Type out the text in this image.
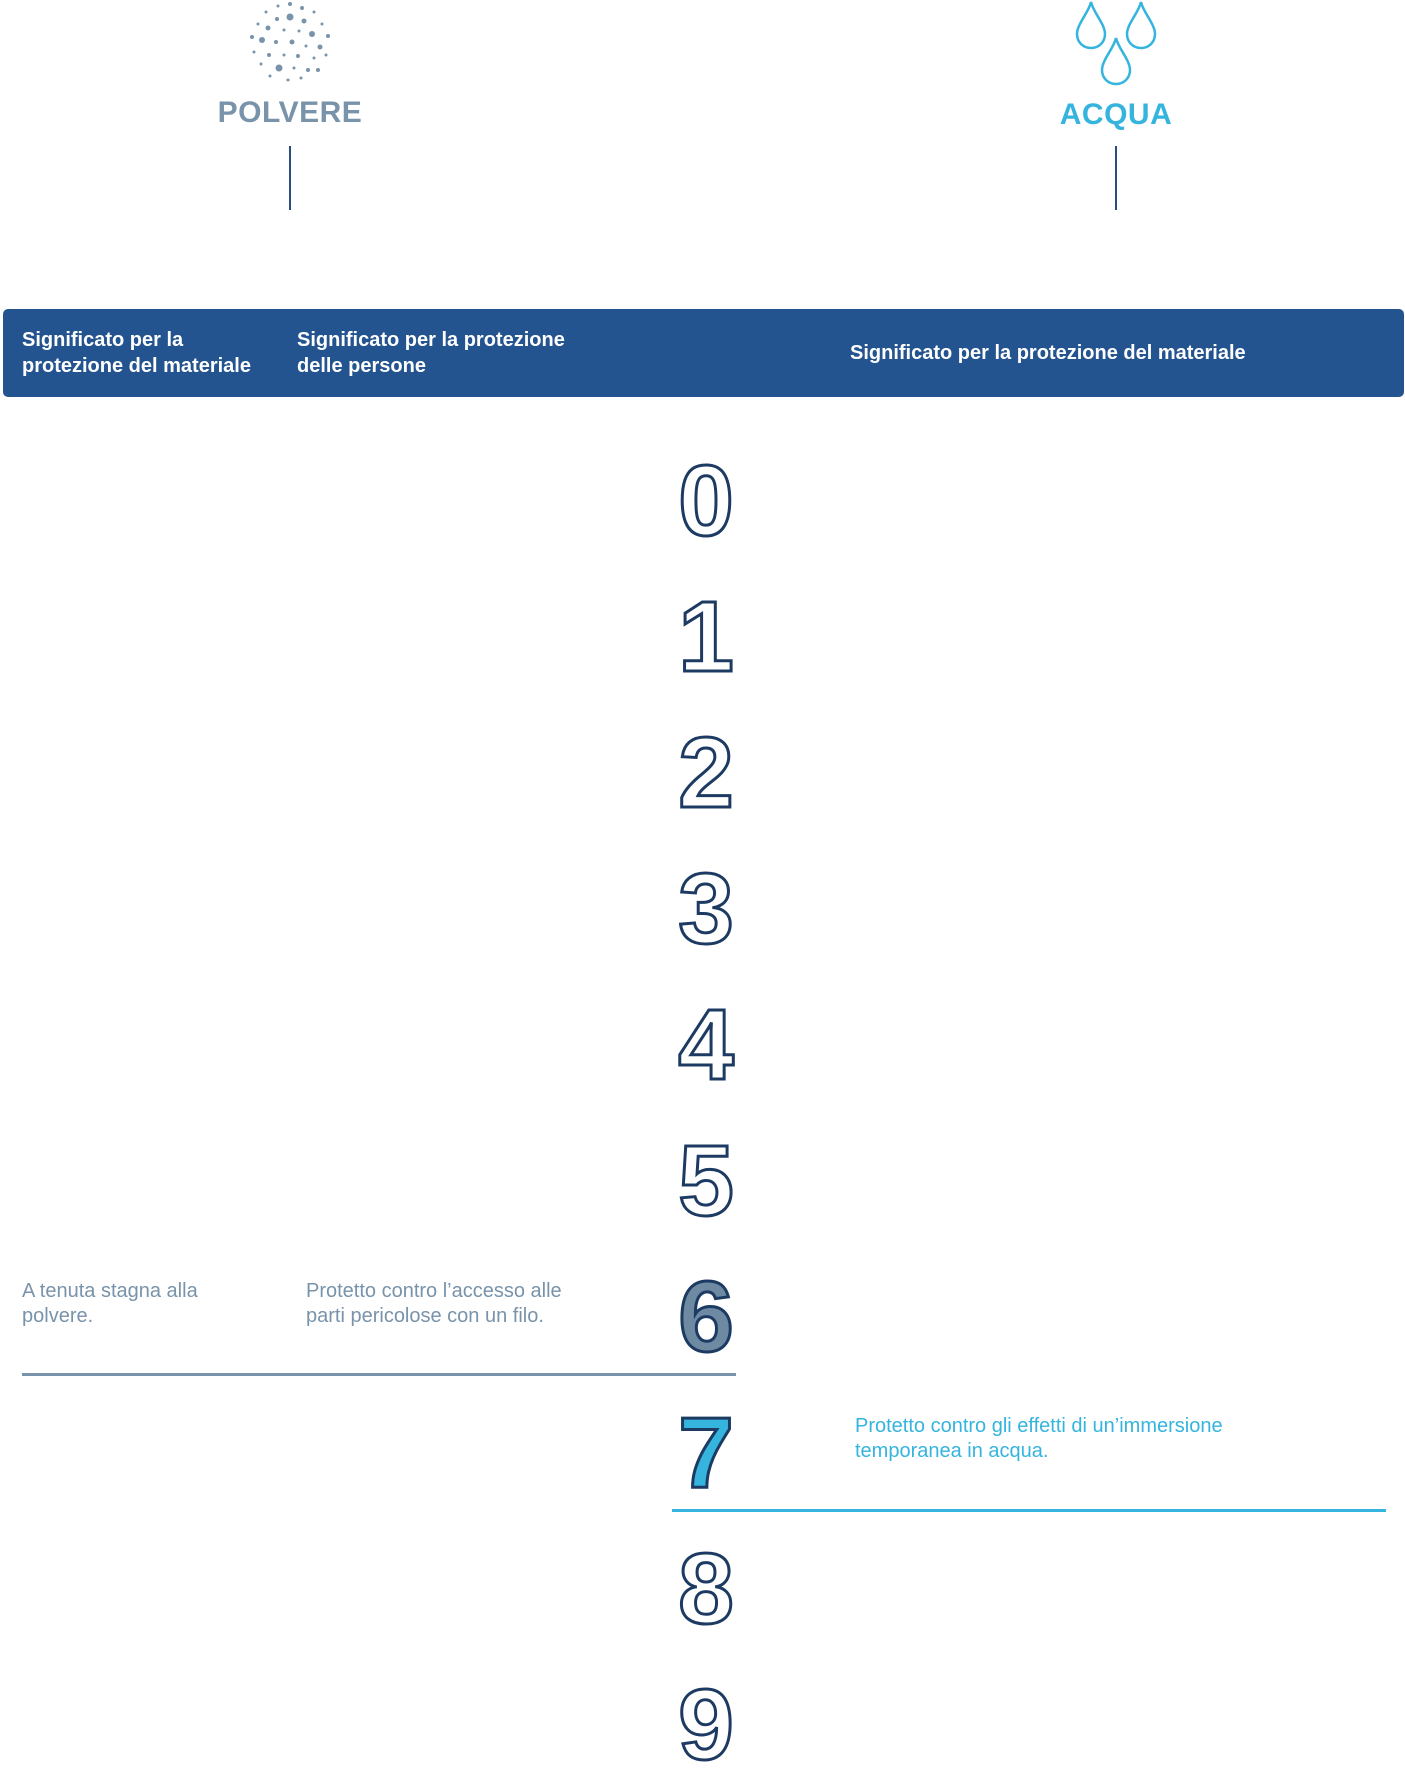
POLVERE	ACQUA
Significato per la protezione del materiale
Significato per la protezione delle persone
Significato per la protezione del materiale
0
1
2
3
4
5
6
7
8
9
A tenuta stagna alla polvere.
Protetto contro l’accesso alle parti pericolose con un filo.
Protetto contro gli effetti di un’immersione temporanea in acqua.
